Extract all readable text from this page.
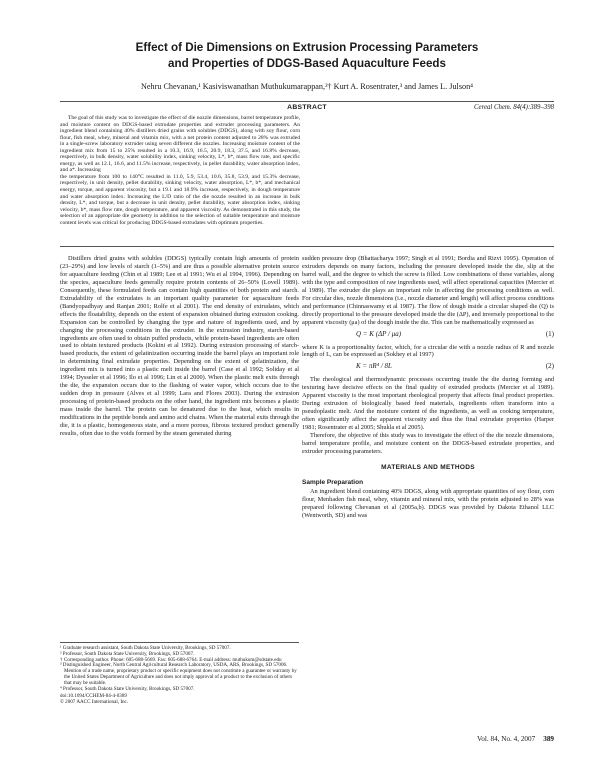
Effect of Die Dimensions on Extrusion Processing Parameters
and Properties of DDGS-Based Aquaculture Feeds
Nehru Chevanan,¹ Kasiviswanathan Muthukumarappan,²† Kurt A. Rosentrater,³ and James L. Julson⁴
ABSTRACT	Cereal Chem. 84(4):389–398

The goal of this study was to investigate the effect of die nozzle dimensions, barrel temperature profile, and moisture content on DDGS-based extrudate properties and extruder processing parameters. An ingredient blend containing 40% distillers dried grains with solubles (DDGS), along with soy flour, corn flour, fish meal, whey, mineral and vitamin mix, with a net protein content adjusted to 28% was extruded in a single-screw laboratory extruder using seven different die nozzles. Increasing moisture content of the ingredient mix from 15 to 25% resulted in a 10.3, 16.9, 16.5, 20.9, 18.3, 37.5, and 16.8% decrease, respectively, in bulk density, water solubility index, sinking velocity, L*, b*, mass flow rate, and specific energy, as well as 12.1, 16.6, and 11.5% increase, respectively, in pellet durability, water absorption index, and a*. Increasing

the temperature from 100 to 140°C resulted in 11.0, 5.9, 53.4, 10.6, 35.8, 53.9, and 15.3% decrease, respectively, in unit density, pellet durability, sinking velocity, water absorption, L*, b*, and mechanical energy, torque, and apparent viscosity, but a 19.1 and 18.9% increase, respectively, in dough temperature and water absorption index. Increasing the L/D ratio of the die nozzle resulted in an increase in bulk density, L*, and torque, but a decrease in unit density, pellet durability, water absorption index, sinking velocity, b*, mass flow rate, dough temperature, and apparent viscosity. As demonstrated in this study, the selection of an appropriate die geometry in addition to the selection of suitable temperature and moisture content levels was critical for producing DDGS-based extrudates with optimum properties.

Distillers dried grains with solubles (DDGS) typically contain high amounts of protein (23–29%) and low levels of starch (1–5%) and are thus a possible alternative protein source for aquaculture feeding (Chin et al 1989; Lee et al 1991; Wu et al 1994, 1996). Depending on the species, aquaculture feeds generally require protein contents of 26–50% (Lovell 1989). Consequently, these formulated feeds can contain high quantities of both protein and starch. Extrudability of the extrudates is an important quality parameter for aquaculture feeds (Bandyopadhyay and Ranjan 2001; Rolfe et al 2001). The end density of extrudates, which effects the floatability, depends on the extent of expansion obtained during extrusion cooking. Expansion can be controlled by changing the type and nature of ingredients used, and by changing the processing conditions in the extruder. In the extrusion industry, starch-based ingredients are often used to obtain puffed products, while protein-based ingredients are often used to obtain textured products (Kokini et al 1992). During extrusion processing of starch-based products, the extent of gelatinization occurring inside the barrel plays an important role in determining final extrudate properties. Depending on the extent of gelatinization, the ingredient mix is turned into a plastic melt inside the barrel (Case et al 1992; Soliday et al 1994; Dysseler et al 1996; Ilo et al 1996; Lin et al 2000). When the plastic melt exits through the die, the expansion occurs due to the flashing of water vapor, which occurs due to the sudden drop in pressure (Alves et al 1999; Lara and Flores 2003). During the extrusion processing of protein-based products on the other hand, the ingredient mix becomes a plastic mass inside the barrel. The protein can be denatured due to the heat, which results in modifications in the peptide bonds and amino acid chains. When the material exits through the die, it is a plastic, homogeneous state, and a more porous, fibrous textured product generally results, often due to the voids formed by the steam generated during

¹ Graduate research assistant, South Dakota State University, Brookings, SD 57007.
² Professor, South Dakota State University, Brookings, SD 57007.
† Corresponding author. Phone: 605-688-5669. Fax: 605-688-6764. E-mail address: muthukum@sdstate.edu
³ Distinguished Engineer, North Central Agricultural Research Laboratory, USDA, ARS, Brookings, SD 57006. Mention of a trade name, proprietary product or specific equipment does not constitute a guarantee or warranty by the United States Department of Agriculture and does not imply approval of a product to the exclusion of others that may be suitable.
⁴ Professor, South Dakota State University, Brookings, SD 57007.
doi:10.1094/CCHEM-84-4-0389
© 2007 AACC International, Inc.

sudden pressure drop (Bhattacharya 1997; Singh et al 1991; Bordia and Rizvi 1995). Operation of extruders depends on many factors, including the pressure developed inside the die, slip at the barrel wall, and the degree to which the screw is filled. Low combinations of these variables, along with the type and composition of raw ingredients used, will affect operational capacities (Mercier et al 1989). The extruder die plays an important role in affecting the processing conditions as well. For circular dies, nozzle dimensions (i.e., nozzle diameter and length) will affect process conditions and performance (Chinnaswamy et al 1987). The flow of dough inside a circular shaped die (Q) is directly proportional to the pressure developed inside the die (ΔP), and inversely proportional to the apparent viscosity (μa) of the dough inside the die. This can be mathematically expressed as

Q = K (ΔP / μa)	(1)

where K is a proportionality factor, which, for a circular die with a nozzle radius of R and nozzle length of L, can be expressed as (Sokhey et al 1997)

K = πR⁴ / 8L	(2)

The rheological and thermodynamic processes occurring inside the die during forming and texturing have decisive effects on the final quality of extruded products (Mercier et al 1989). Apparent viscosity is the most important rheological property that affects final product properties. During extrusion of biologically based feed materials, ingredients often transform into a pseudoplastic melt. And the moisture content of the ingredients, as well as cooking temperature, often significantly affect the apparent viscosity and thus the final extrudate properties (Harper 1981; Rosentrater et al 2005; Shukla et al 2005).

Therefore, the objective of this study was to investigate the effect of the die nozzle dimensions, barrel temperature profile, and moisture content on the DDGS-based extrudate properties, and extruder processing parameters.

MATERIALS AND METHODS
Sample Preparation

An ingredient blend containing 40% DDGS, along with appropriate quantities of soy flour, corn flour, Menhaden fish meal, whey, vitamin and mineral mix, with the protein adjusted to 28% was prepared following Chevanan et al (2005a,b). DDGS was provided by Dakota Ethanol LLC (Wentworth, SD) and was

Vol. 84, No. 4, 2007 389
